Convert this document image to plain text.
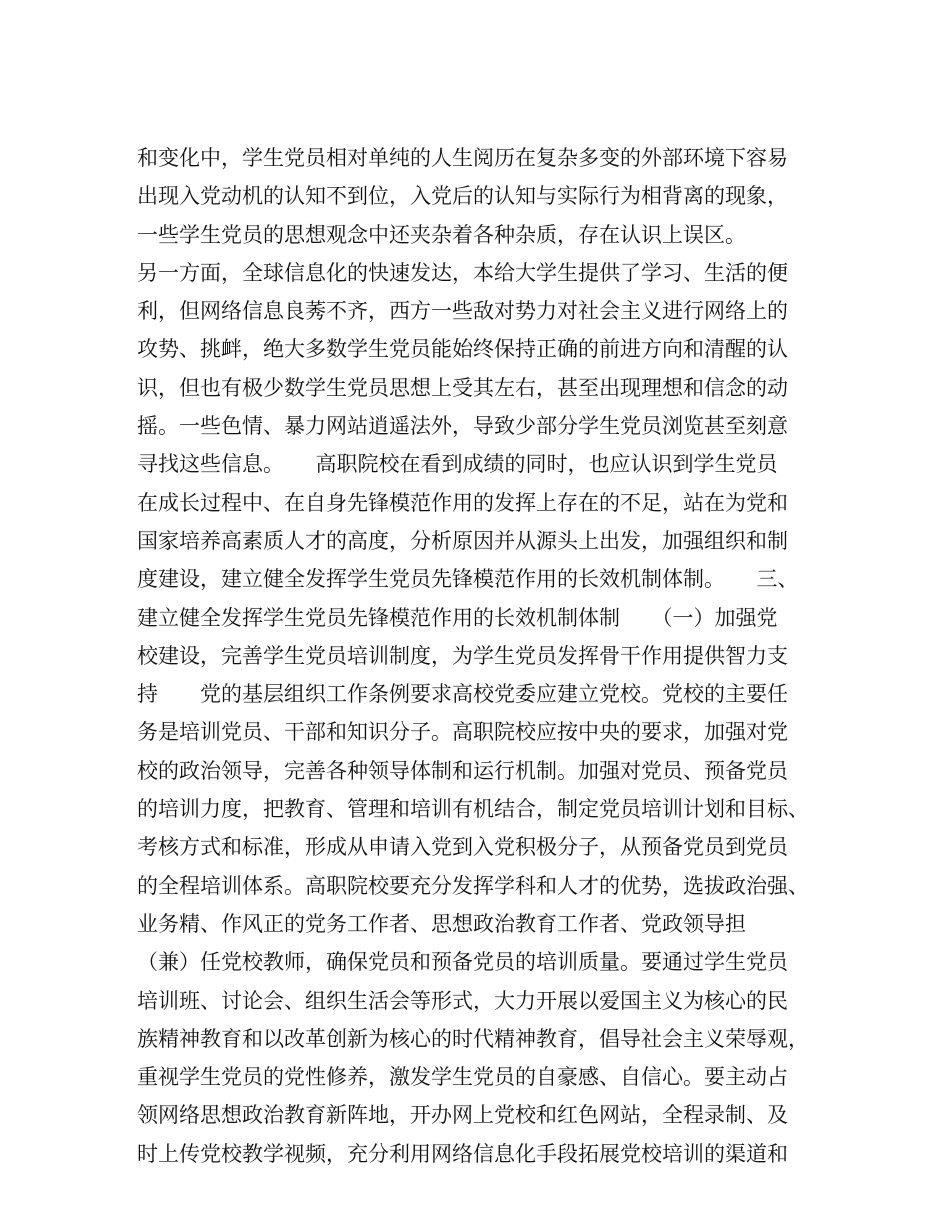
和变化中，学生党员相对单纯的人生阅历在复杂多变的外部环境下容易
出现入党动机的认知不到位，入党后的认知与实际行为相背离的现象，
一些学生党员的思想观念中还夹杂着各种杂质，存在认识上误区。
另一方面，全球信息化的快速发达，本给大学生提供了学习、生活的便
利，但网络信息良莠不齐，西方一些敌对势力对社会主义进行网络上的
攻势、挑衅，绝大多数学生党员能始终保持正确的前进方向和清醒的认
识，但也有极少数学生党员思想上受其左右，甚至出现理想和信念的动
摇。一些色情、暴力网站逍遥法外，导致少部分学生党员浏览甚至刻意
寻找这些信息。　　高职院校在看到成绩的同时，也应认识到学生党员
在成长过程中、在自身先锋模范作用的发挥上存在的不足，站在为党和
国家培养高素质人才的高度，分析原因并从源头上出发，加强组织和制
度建设，建立健全发挥学生党员先锋模范作用的长效机制体制。　　三、
建立健全发挥学生党员先锋模范作用的长效机制体制　　（一）加强党
校建设，完善学生党员培训制度，为学生党员发挥骨干作用提供智力支
持　　党的基层组织工作条例要求高校党委应建立党校。党校的主要任
务是培训党员、干部和知识分子。高职院校应按中央的要求，加强对党
校的政治领导，完善各种领导体制和运行机制。加强对党员、预备党员
的培训力度，把教育、管理和培训有机结合，制定党员培训计划和目标、
考核方式和标准，形成从申请入党到入党积极分子，从预备党员到党员
的全程培训体系。高职院校要充分发挥学科和人才的优势，选拔政治强、
业务精、作风正的党务工作者、思想政治教育工作者、党政领导担
（兼）任党校教师，确保党员和预备党员的培训质量。要通过学生党员
培训班、讨论会、组织生活会等形式，大力开展以爱国主义为核心的民
族精神教育和以改革创新为核心的时代精神教育，倡导社会主义荣辱观，
重视学生党员的党性修养，激发学生党员的自豪感、自信心。要主动占
领网络思想政治教育新阵地，开办网上党校和红色网站，全程录制、及
时上传党校教学视频，充分利用网络信息化手段拓展党校培训的渠道和
